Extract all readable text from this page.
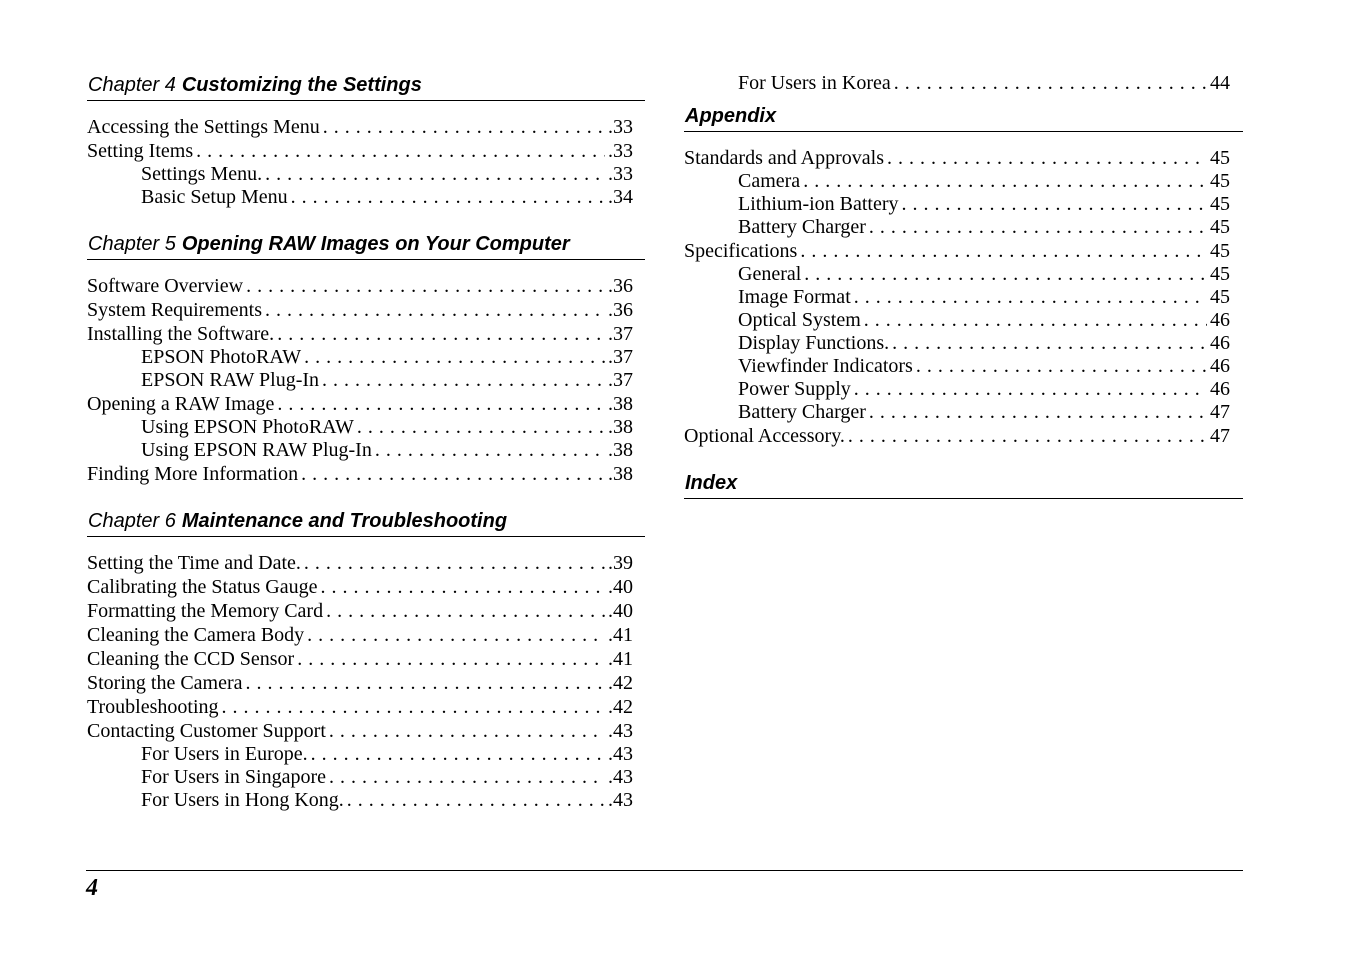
Chapter 4 Customizing the Settings
Accessing the Settings Menu . . .	.33
Setting Items . . .	.33
Settings Menu. . . .	.33
Basic Setup Menu . . .	.34
Chapter 5 Opening RAW Images on Your Computer
Software Overview . . .	.36
System Requirements . . .	.36
Installing the Software. . . .	.37
EPSON PhotoRAW . . .	.37
EPSON RAW Plug-In . . .	.37
Opening a RAW Image . . .	.38
Using EPSON PhotoRAW . . .	.38
Using EPSON RAW Plug-In . . .	.38
Finding More Information . . .	.38
Chapter 6 Maintenance and Troubleshooting
Setting the Time and Date. . . .	.39
Calibrating the Status Gauge . . .	.40
Formatting the Memory Card . . .	.40
Cleaning the Camera Body . . .	.41
Cleaning the CCD Sensor . . .	.41
Storing the Camera . . .	.42
Troubleshooting . . .	.42
Contacting Customer Support . . .	.43
For Users in Europe. . . .	.43
For Users in Singapore . . .	.43
For Users in Hong Kong. . . .	.43
For Users in Korea . . .	44
Appendix
Standards and Approvals . . .	45
Camera . . .	45
Lithium-ion Battery . . .	45
Battery Charger . . .	45
Specifications . . .	45
General . . .	45
Image Format . . .	45
Optical System . . .	46
Display Functions. . . .	46
Viewfinder Indicators . . .	46
Power Supply . . .	46
Battery Charger . . .	47
Optional Accessory. . . .	47
Index
4
